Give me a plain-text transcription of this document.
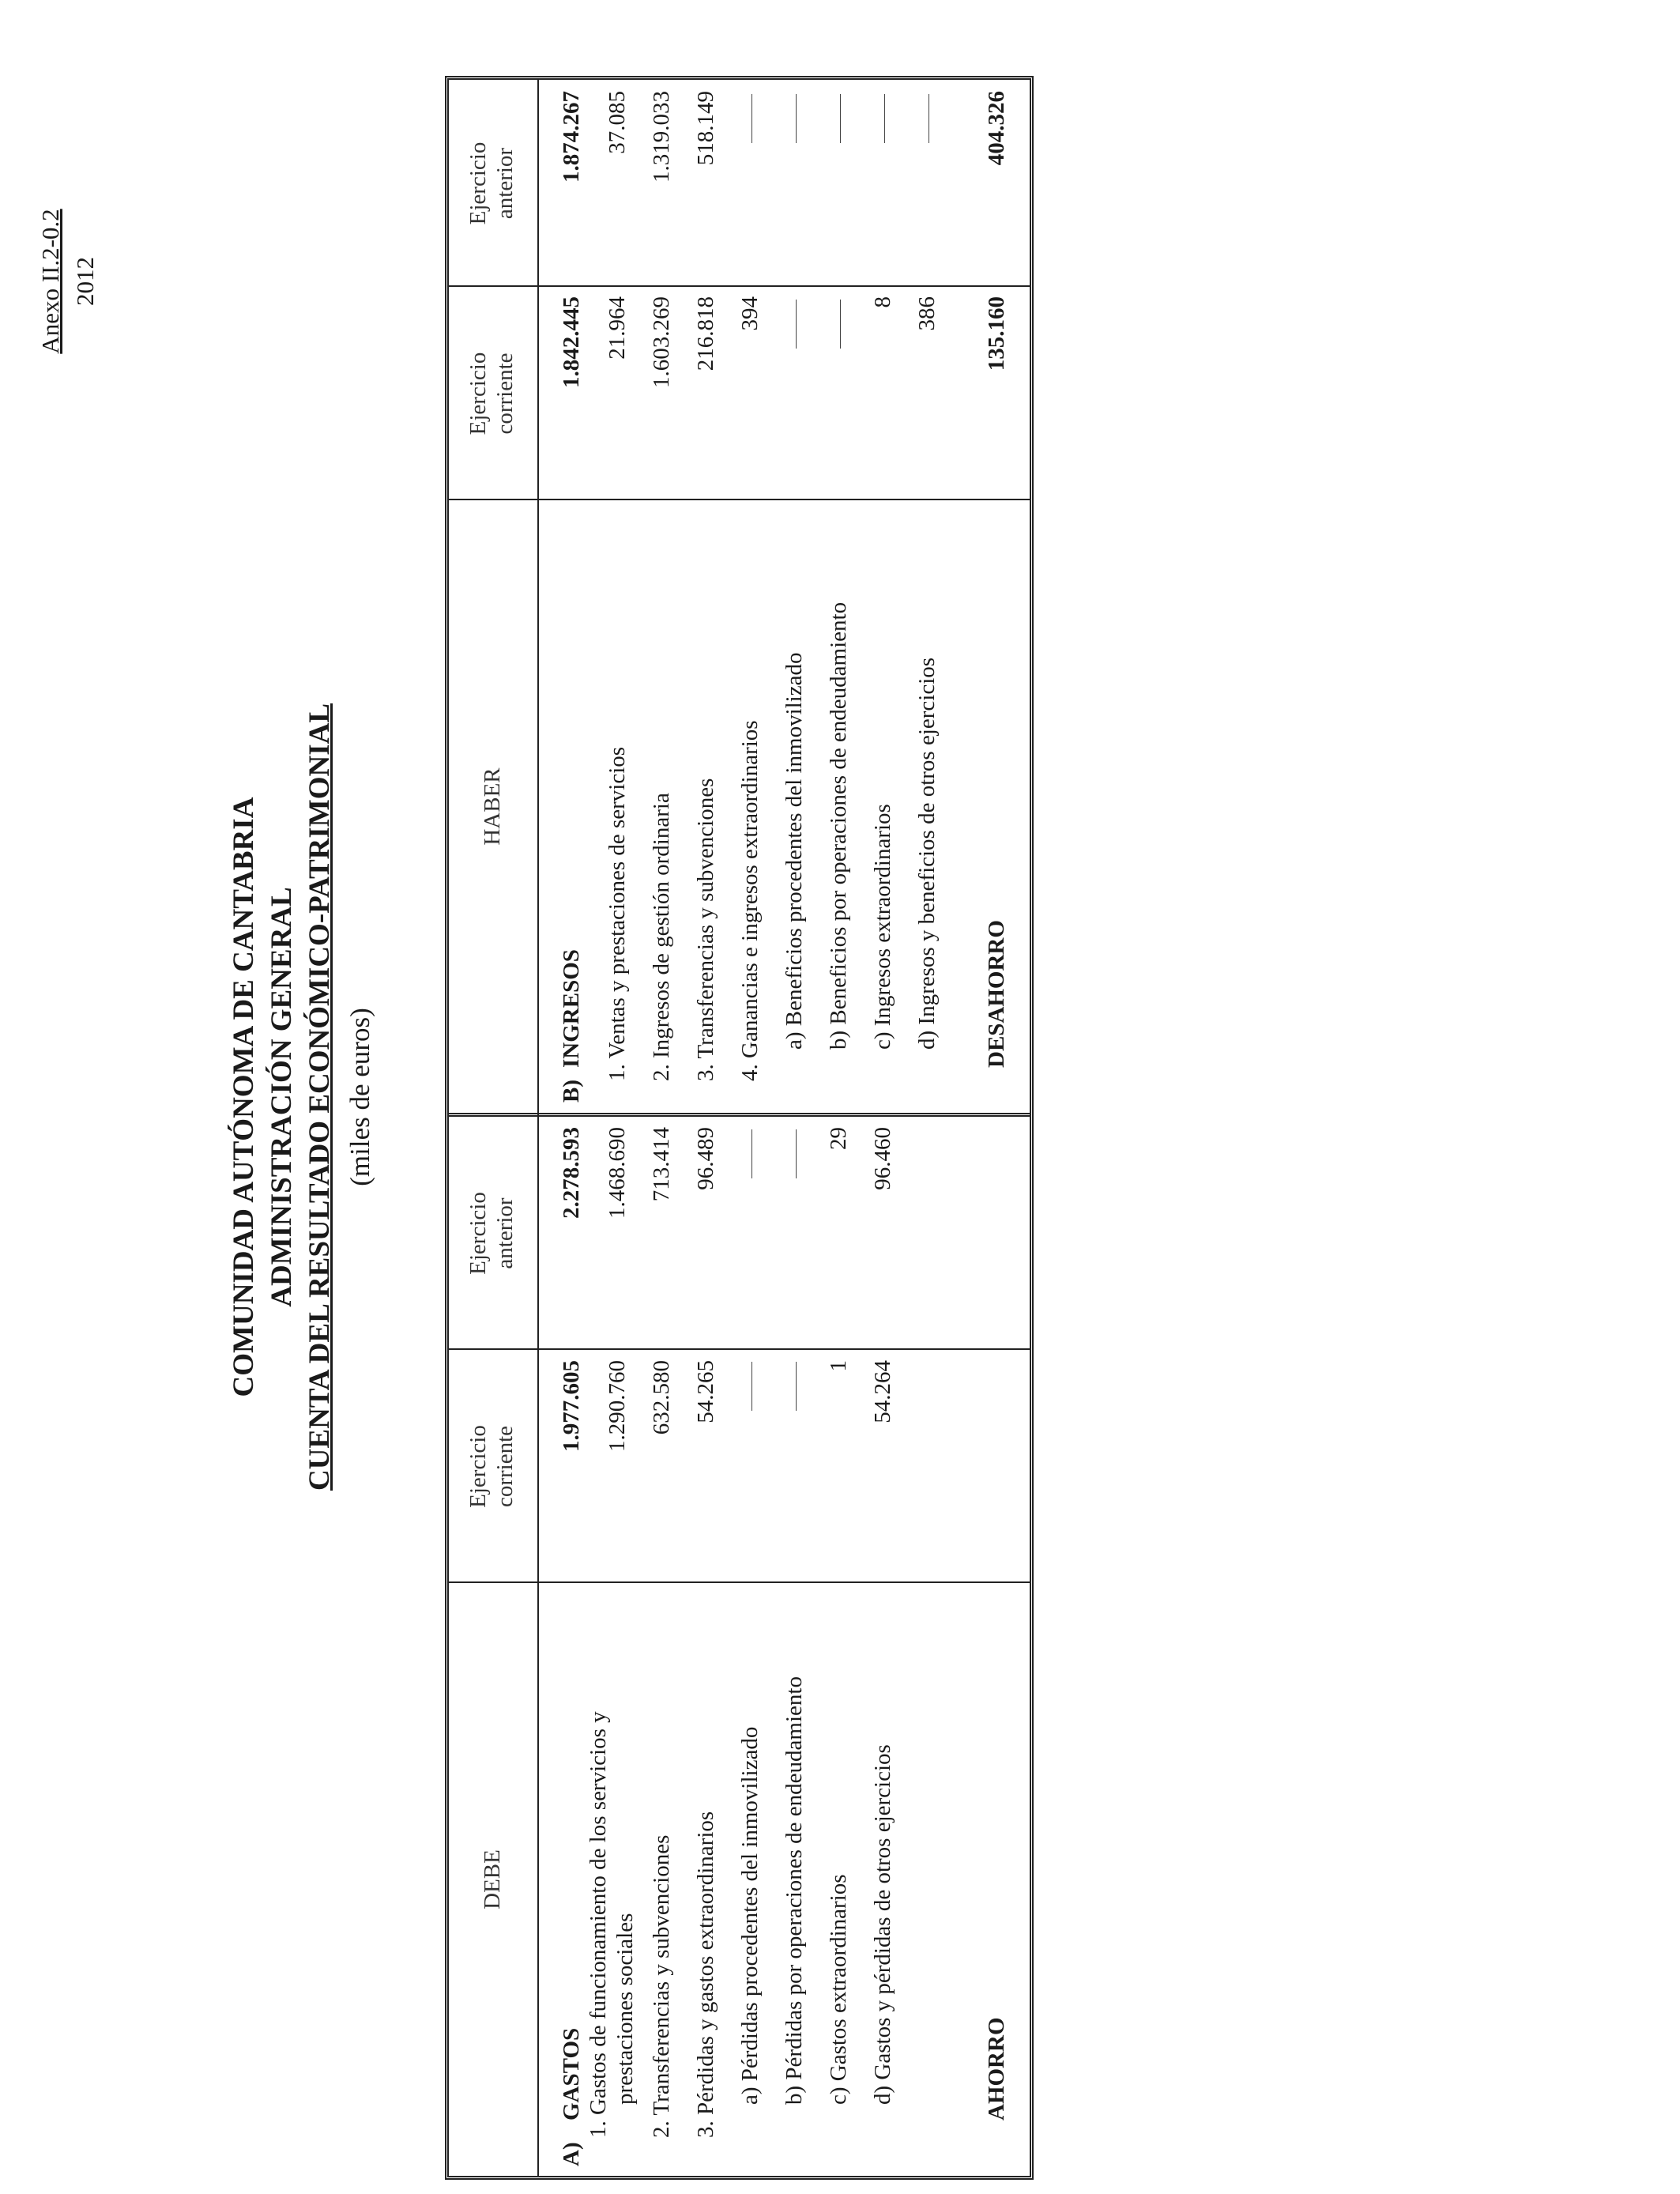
Anexo II.2-0.2 2012
COMUNIDAD AUTÓNOMA DE CANTABRIA ADMINISTRACIÓN GENERAL CUENTA DEL RESULTADO ECONÓMICO-PATRIMONIAL (miles de euros)
DEBE
Ejercicio corriente
Ejercicio anterior
HABER
Ejercicio corriente
Ejercicio anterior
A)
GASTOS
1.977.605
2.278.593
1. Gastos de funcionamiento de los servicios y prestaciones sociales
1.290.760
1.468.690
2. Transferencias y subvenciones
632.580
713.414
3. Pérdidas y gastos extraordinarios
54.265
96.489
a) Pérdidas procedentes del inmovilizado b) Pérdidas por operaciones de endeudamiento c) Gastos extraordinarios
1
29
d) Gastos y pérdidas de otros ejercicios
54.264
96.460
AHORRO
B)
INGRESOS
1.842.445
1.874.267
1. Ventas y prestaciones de servicios
21.964
37.085
2. Ingresos de gestión ordinaria
1.603.269
1.319.033
3. Transferencias y subvenciones
216.818
518.149
4. Ganancias e ingresos extraordinarios
394
a) Beneficios procedentes del inmovilizado b) Beneficios por operaciones de endeudamiento c) Ingresos extraordinarios
8
d) Ingresos y beneficios de otros ejercicios
386
DESAHORRO
135.160
404.326
